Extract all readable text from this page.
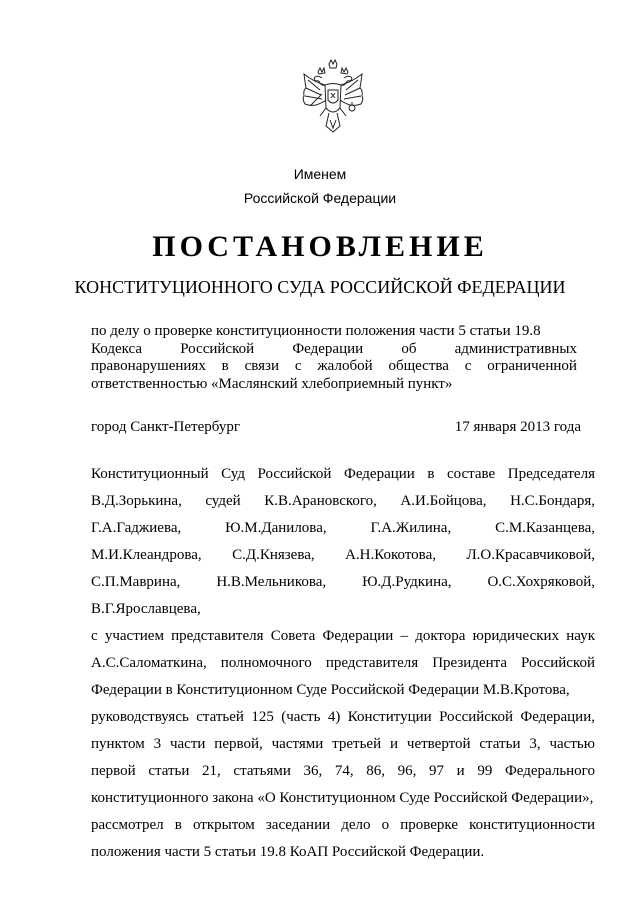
Именем
Российской Федерации
ПОСТАНОВЛЕНИЕ
КОНСТИТУЦИОННОГО СУДА РОССИЙСКОЙ ФЕДЕРАЦИИ
по делу о проверке конституционности положения части 5 статьи 19.8
Кодекса	Российской	Федерации	об	административных
правонарушениях в связи с жалобой общества с ограниченной
ответственностью «Маслянский хлебоприемный пункт»
город Санкт-Петербург	17 января 2013 года
Конституционный Суд Российской Федерации в составе Председателя
В.Д.Зорькина, судей К.В.Арановского, А.И.Бойцова, Н.С.Бондаря,
Г.А.Гаджиева,	Ю.М.Данилова,	Г.А.Жилина,	С.М.Казанцева,
М.И.Клеандрова, С.Д.Князева, А.Н.Кокотова, Л.О.Красавчиковой,
С.П.Маврина, Н.В.Мельникова, Ю.Д.Рудкина, О.С.Хохряковой,
В.Г.Ярославцева,
с участием представителя Совета Федерации – доктора юридических наук
А.С.Саломаткина, полномочного представителя Президента Российской
Федерации в Конституционном Суде Российской Федерации М.В.Кротова,
руководствуясь статьей 125 (часть 4) Конституции Российской Федерации,
пунктом 3 части первой, частями третьей и четвертой статьи 3, частью
первой статьи 21, статьями 36, 74, 86, 96, 97 и 99 Федерального
конституционного закона «О Конституционном Суде Российской Федерации»,
рассмотрел в открытом заседании дело о проверке конституционности
положения части 5 статьи 19.8 КоАП Российской Федерации.
